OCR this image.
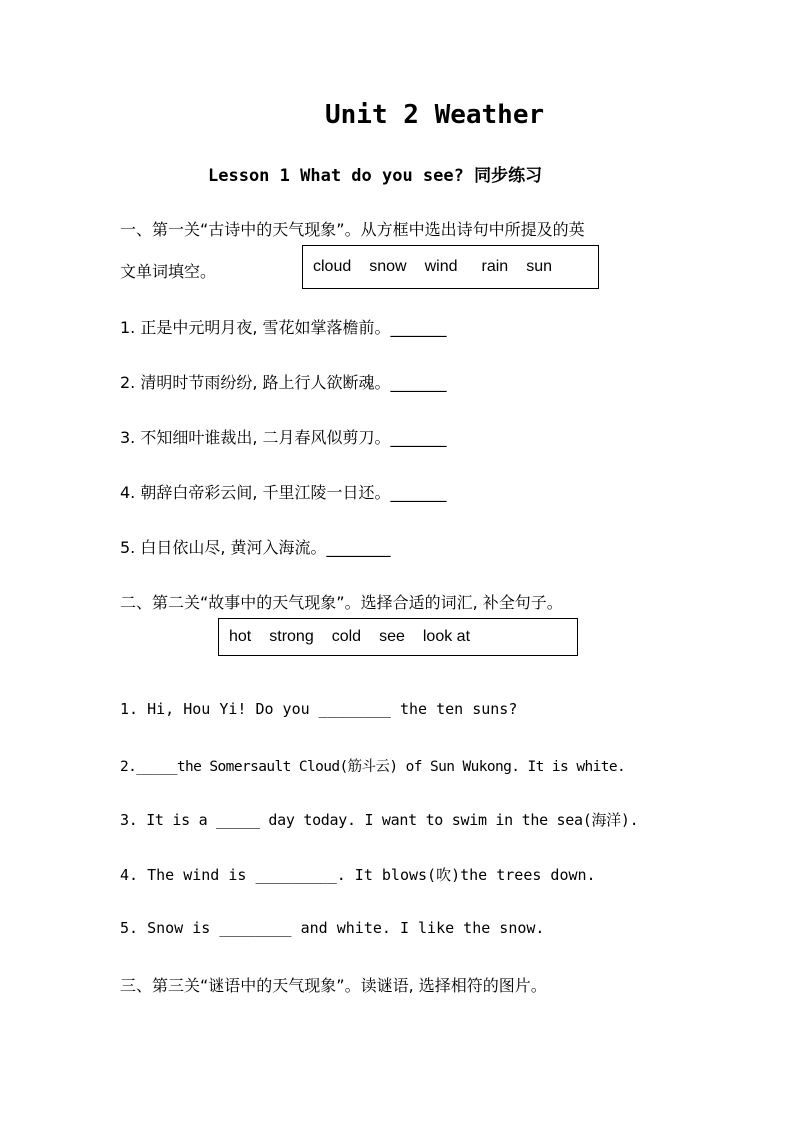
Unit 2 Weather
Lesson 1 What do you see? 同步练习
一、第一关“古诗中的天气现象”。从方框中选出诗句中所提及的英
文单词填空。	cloud snow wind rain sun
1. 正是中元明月夜, 雪花如掌落檐前。_______
2. 清明时节雨纷纷, 路上行人欲断魂。_______
3. 不知细叶谁裁出, 二月春风似剪刀。_______
4. 朝辞白帝彩云间, 千里江陵一日还。_______
5. 白日依山尽, 黄河入海流。________
二、第二关“故事中的天气现象”。选择合适的词汇, 补全句子。
hot strong cold see look at
1. Hi, Hou Yi! Do you ________ the ten suns?
2._____the Somersault Cloud(筋斗云) of Sun Wukong. It is white.
3. It is a _____ day today. I want to swim in the sea(海洋).
4. The wind is _________. It blows(吹)the trees down.
5. Snow is ________ and white. I like the snow.
三、第三关“谜语中的天气现象”。读谜语, 选择相符的图片。
